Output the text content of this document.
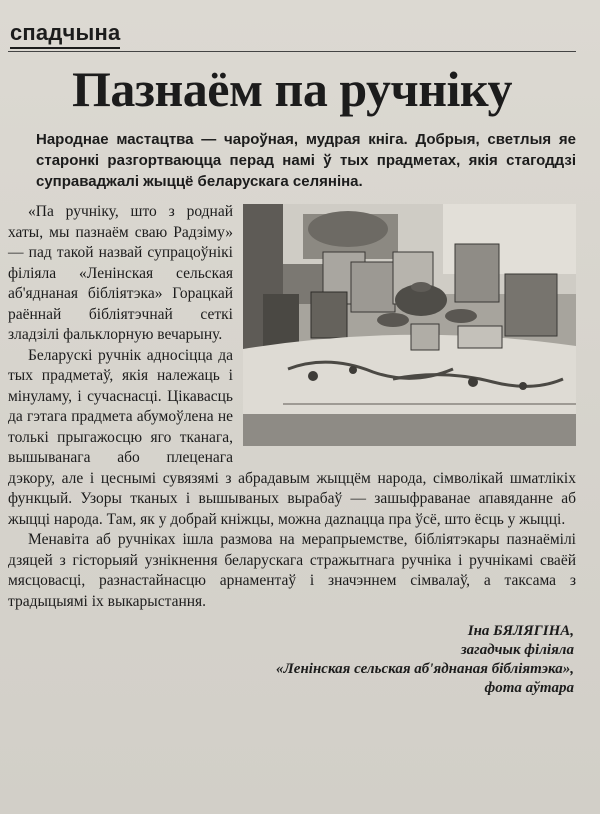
спадчына
Пазнаём па ручніку

Народнае мастацтва — чароўная, мудрая кніга. Добрыя, светлыя яе старонкі разгортваюцца перад намі ў тых прадметах, якія стагоддзі суправаджалі жыццё беларускага селяніна.

«Па ручніку, што з роднай хаты, мы пазнаём сваю Радзіму» — пад такой назвай супрацоўнікі філіяла «Ленінская сельская аб'яднаная бібліятэка» Горацкай раённай бібліятэчнай сеткі зладзілі фальклорную вечарыну.

Беларускі ручнік адносіцца да тых прадметаў, якія належаць і мінуламу, і сучаснасці. Цікавасць да гэтага прадмета абумоўлена не толькі прыгажосцю яго тканага, вышыванага або плеценага дэкору, але і цеснымі сувязямі з абрадавым жыццём народа, сімволікай шматлікіх функцый. Узоры тканых і вышываных вырабаў — зашыфраванае апавяданне аб жыцці народа. Там, як у добрай кніжцы, можна даznацца пра ўсё, што ёсць у жыцці.

Менавіта аб ручніках ішла размова на мерапрыемстве, бібліятэкары пазнаёмілі дзяцей з гісторыяй узнікнення беларускага стражытнага ручніка і ручнікамі сваёй мясцовасці, разнастайнасцю арнаментаў і значэннем сімвалаў, а таксама з традыцыямі іх выкарыстання.

Іна БЯЛЯГІНА,
загадчык філіяла
«Ленінская сельская аб'яднаная бібліятэка»,
фота аўтара
